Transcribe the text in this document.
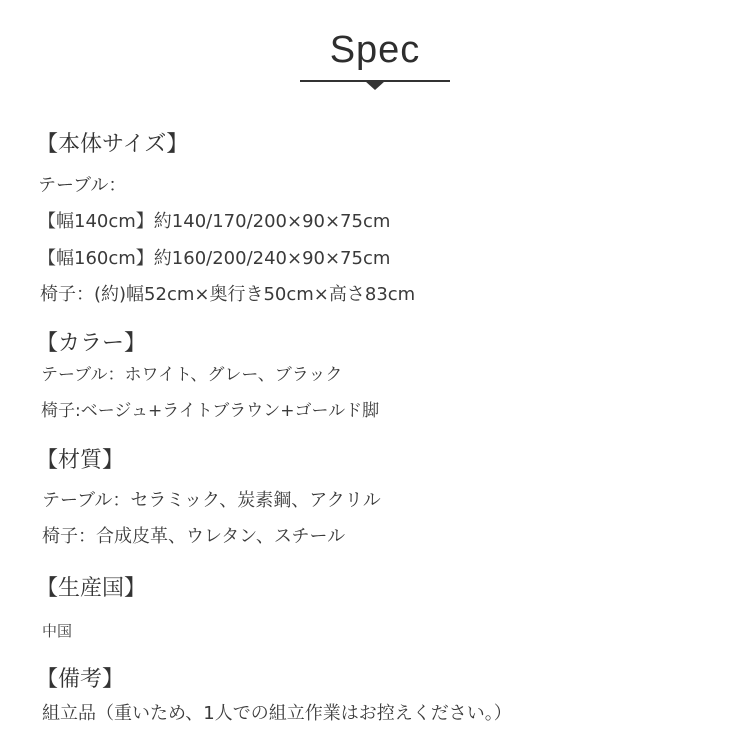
Spec
【本体サイズ】
テーブル：
【幅140cm】約140/170/200×90×75cm
【幅160cm】約160/200/240×90×75cm
椅子：(約)幅52cm×奥行き50cm×高さ83cm
【カラー】
テーブル：ホワイト、グレー、ブラック
椅子:ベージュ+ライトブラウン+ゴールド脚
【材質】
テーブル：セラミック、炭素鋼、アクリル
椅子：合成皮革、ウレタン、スチール
【生産国】
中国
【備考】
組立品（重いため、1人での組立作業はお控えください。）
